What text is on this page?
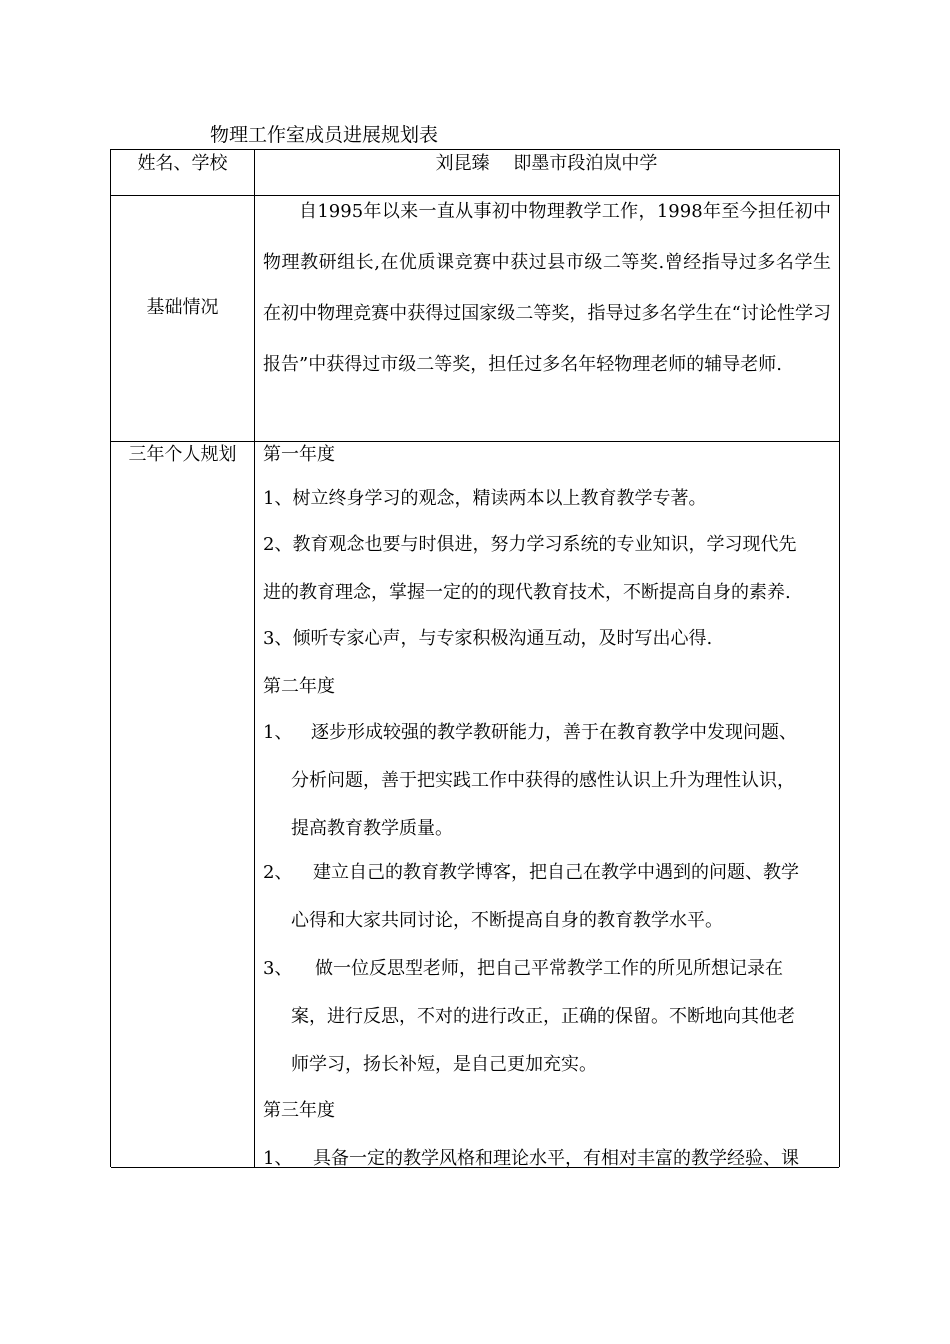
物理工作室成员进展规划表
姓名、学校	刘昆臻　 即墨市段泊岚中学
基础情况

自1995年以来一直从事初中物理教学工作，1998年至今担任初中物理教研组长,在优质课竞赛中获过县市级二等奖.曾经指导过多名学生在初中物理竞赛中获得过国家级二等奖，指导过多名学生在“讨论性学习报告”中获得过市级二等奖，担任过多名年轻物理老师的辅导老师.

三年个人规划	第一年度

1、树立终身学习的观念，精读两本以上教育教学专著。

2、教育观念也要与时俱进，努力学习系统的专业知识，学习现代先

进的教育理念，掌握一定的的现代教育技术，不断提高自身的素养.

3、倾听专家心声，与专家积极沟通互动，及时写出心得.

第二年度

1、 逐步形成较强的教学教研能力，善于在教育教学中发现问题、

分析问题，善于把实践工作中获得的感性认识上升为理性认识，

提高教育教学质量。

2、 建立自己的教育教学博客，把自己在教学中遇到的问题、教学

心得和大家共同讨论，不断提高自身的教育教学水平。

3、 做一位反思型老师，把自己平常教学工作的所见所想记录在

案，进行反思，不对的进行改正，正确的保留。不断地向其他老

师学习，扬长补短，是自己更加充实。

第三年度

1、 具备一定的教学风格和理论水平，有相对丰富的教学经验、课
